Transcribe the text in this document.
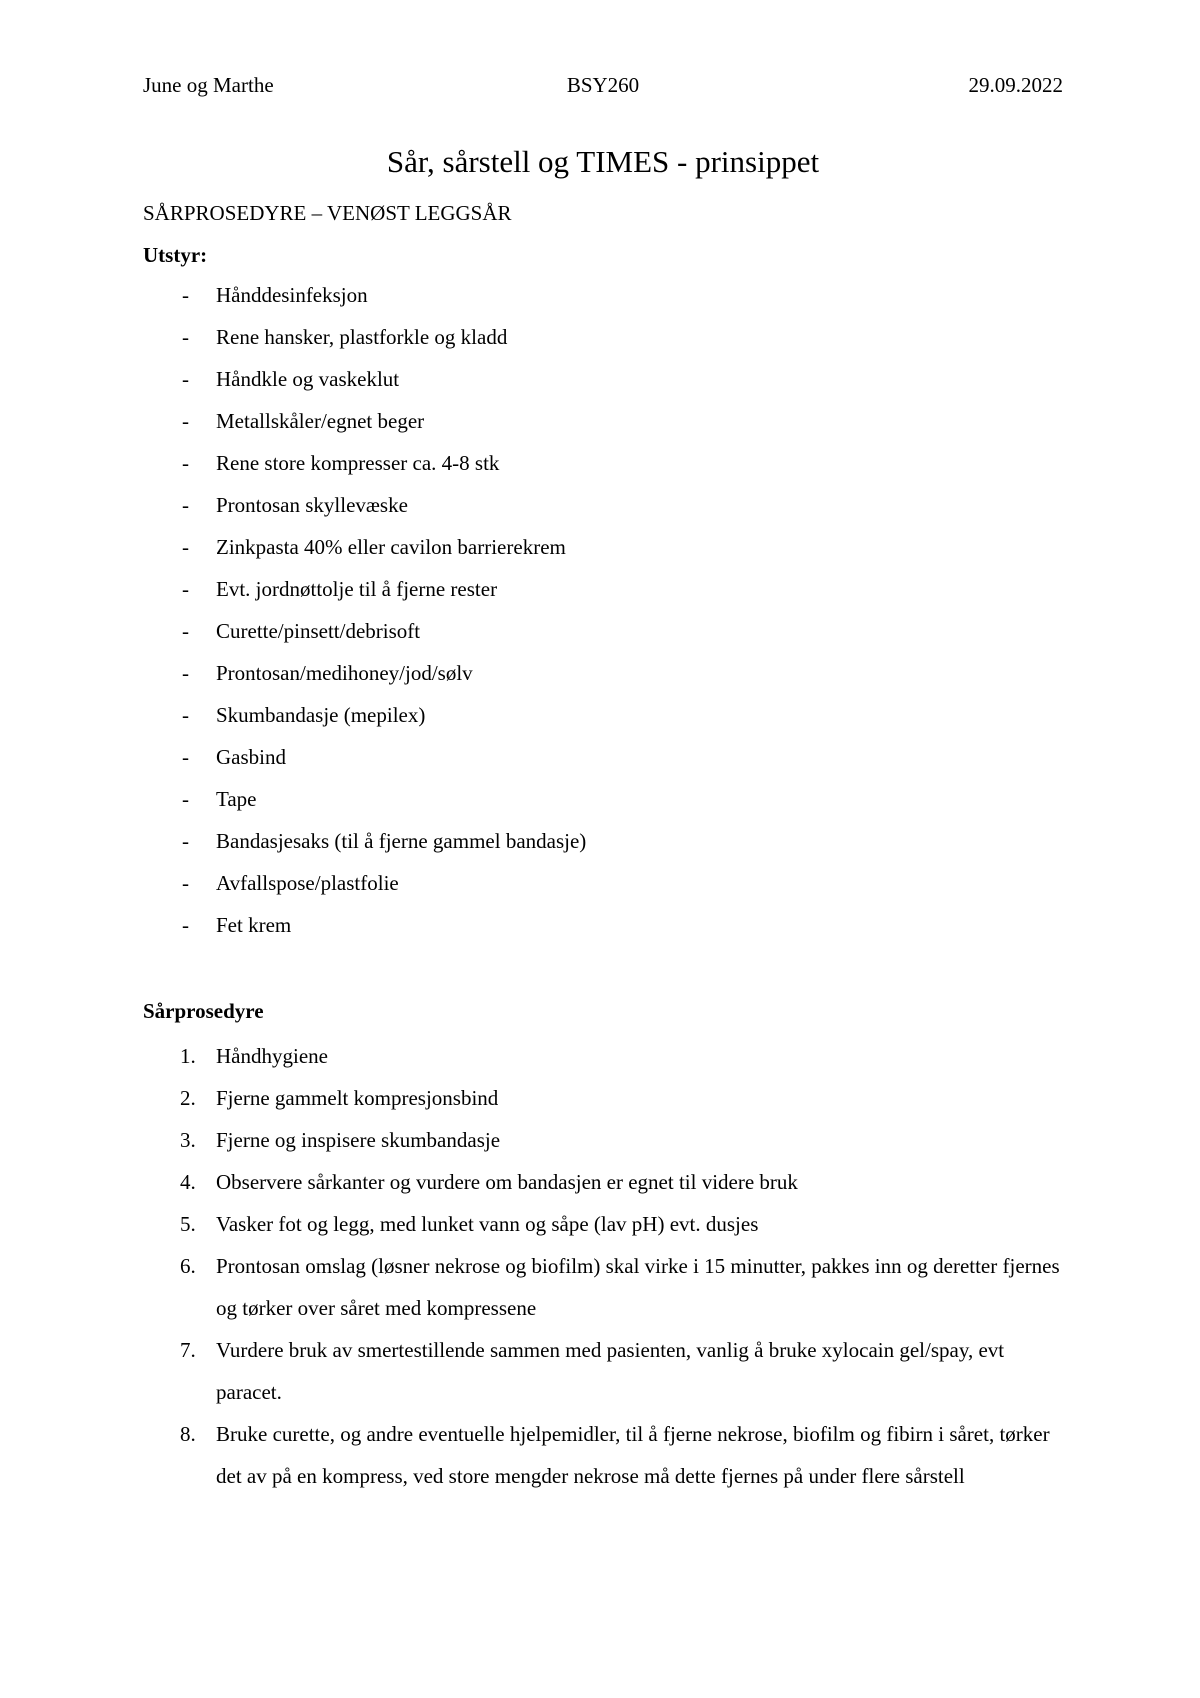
June og Marthe	BSY260	29.09.2022
Sår, sårstell og TIMES - prinsippet
SÅRPROSEDYRE – VENØST LEGGSÅR
Utstyr:
- Hånddesinfeksjon
- Rene hansker, plastforkle og kladd
- Håndkle og vaskeklut
- Metallskåler/egnet beger
- Rene store kompresser ca. 4-8 stk
- Prontosan skyllevæske
- Zinkpasta 40% eller cavilon barrierekrem
- Evt. jordnøttolje til å fjerne rester
- Curette/pinsett/debrisoft
- Prontosan/medihoney/jod/sølv
- Skumbandasje (mepilex)
- Gasbind
- Tape
- Bandasjesaks (til å fjerne gammel bandasje)
- Avfallspose/plastfolie
- Fet krem
Sårprosedyre
1. Håndhygiene
2. Fjerne gammelt kompresjonsbind
3. Fjerne og inspisere skumbandasje
4. Observere sårkanter og vurdere om bandasjen er egnet til videre bruk
5. Vasker fot og legg, med lunket vann og såpe (lav pH) evt. dusjes
6. Prontosan omslag (løsner nekrose og biofilm) skal virke i 15 minutter, pakkes inn og deretter fjernes og tørker over såret med kompressene
7. Vurdere bruk av smertestillende sammen med pasienten, vanlig å bruke xylocain gel/spay, evt paracet.
8. Bruke curette, og andre eventuelle hjelpemidler, til å fjerne nekrose, biofilm og fibirn i såret, tørker det av på en kompress, ved store mengder nekrose må dette fjernes på under flere sårstell
